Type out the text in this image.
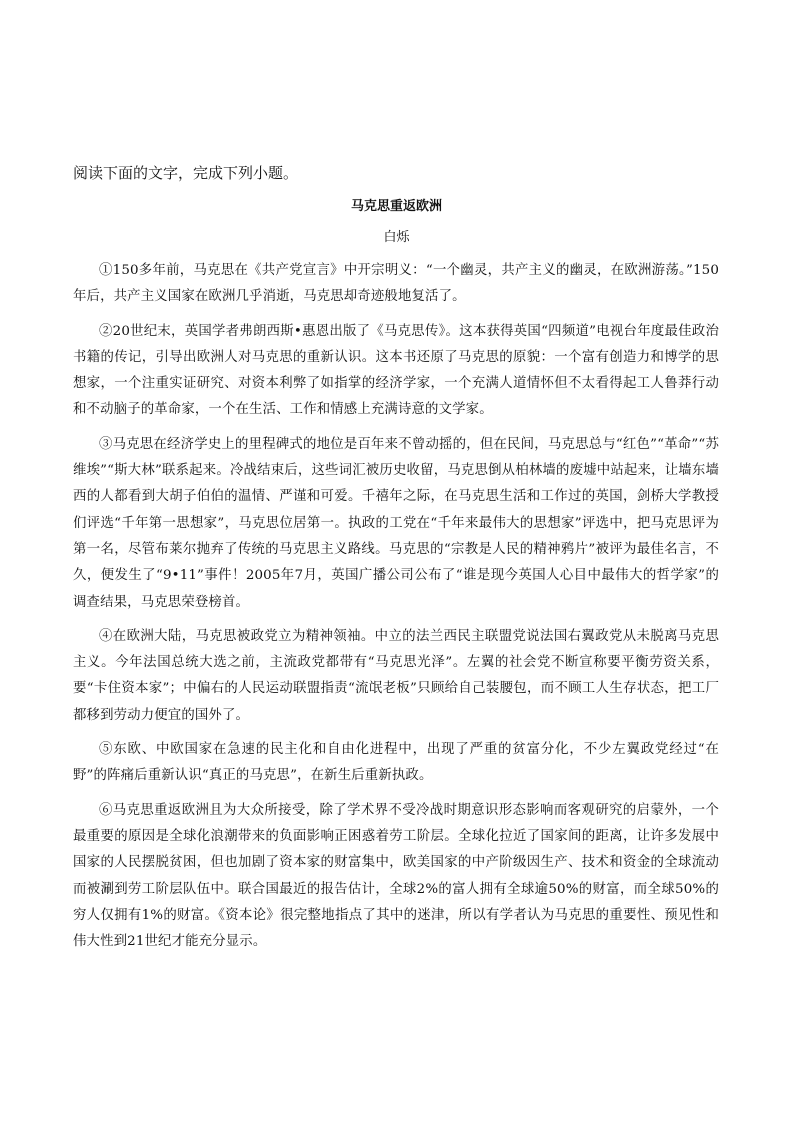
阅读下面的文字，完成下列小题。

马克思重返欧洲

白烁

①150多年前，马克思在《共产党宣言》中开宗明义：“一个幽灵，共产主义的幽灵，在欧洲游荡。”150年后，共产主义国家在欧洲几乎消逝，马克思却奇迹般地复活了。

②20世纪末，英国学者弗朗西斯•惠恩出版了《马克思传》。这本获得英国“四频道”电视台年度最佳政治书籍的传记，引导出欧洲人对马克思的重新认识。这本书还原了马克思的原貌：一个富有创造力和博学的思想家，一个注重实证研究、对资本利弊了如指掌的经济学家，一个充满人道情怀但不太看得起工人鲁莽行动和不动脑子的革命家，一个在生活、工作和情感上充满诗意的文学家。

③马克思在经济学史上的里程碑式的地位是百年来不曾动摇的，但在民间，马克思总与“红色”“革命”“苏维埃”“斯大林”联系起来。冷战结束后，这些词汇被历史收留，马克思倒从柏林墙的废墟中站起来，让墙东墙西的人都看到大胡子伯伯的温情、严谨和可爱。千禧年之际，在马克思生活和工作过的英国，剑桥大学教授们评选“千年第一思想家”，马克思位居第一。执政的工党在“千年来最伟大的思想家”评选中，把马克思评为第一名，尽管布莱尔抛弃了传统的马克思主义路线。马克思的“宗教是人民的精神鸦片”被评为最佳名言，不久，便发生了“9•11”事件！2005年7月，英国广播公司公布了“谁是现今英国人心目中最伟大的哲学家”的调查结果，马克思荣登榜首。

④在欧洲大陆，马克思被政党立为精神领袖。中立的法兰西民主联盟党说法国右翼政党从未脱离马克思主义。今年法国总统大选之前，主流政党都带有“马克思光泽”。左翼的社会党不断宣称要平衡劳资关系，要“卡住资本家”；中偏右的人民运动联盟指责“流氓老板”只顾给自己装腰包，而不顾工人生存状态，把工厂都移到劳动力便宜的国外了。

⑤东欧、中欧国家在急速的民主化和自由化进程中，出现了严重的贫富分化，不少左翼政党经过“在野”的阵痛后重新认识“真正的马克思”，在新生后重新执政。

⑥马克思重返欧洲且为大众所接受，除了学术界不受冷战时期意识形态影响而客观研究的启蒙外，一个最重要的原因是全球化浪潮带来的负面影响正困惑着劳工阶层。全球化拉近了国家间的距离，让许多发展中国家的人民摆脱贫困，但也加剧了资本家的财富集中，欧美国家的中产阶级因生产、技术和资金的全球流动而被涮到劳工阶层队伍中。联合国最近的报告估计，全球2%的富人拥有全球逾50%的财富，而全球50%的穷人仅拥有1%的财富。《资本论》很完整地指点了其中的迷津，所以有学者认为马克思的重要性、预见性和伟大性到21世纪才能充分显示。
